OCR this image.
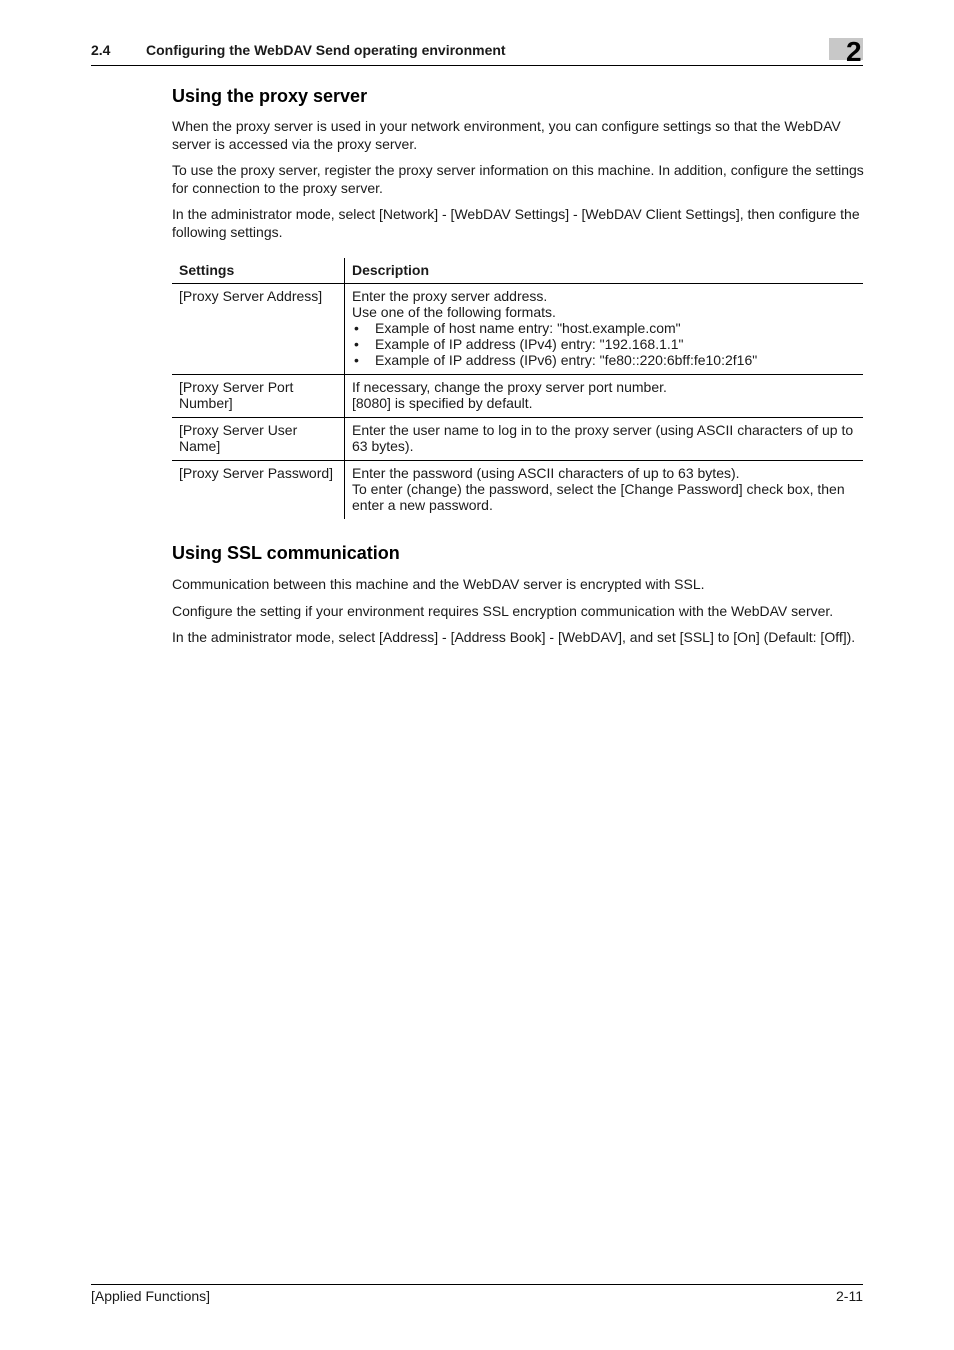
2.4	Configuring the WebDAV Send operating environment	2
Using the proxy server

When the proxy server is used in your network environment, you can configure settings so that the WebDAV server is accessed via the proxy server.

To use the proxy server, register the proxy server information on this machine. In addition, configure the settings for connection to the proxy server.

In the administrator mode, select [Network] - [WebDAV Settings] - [WebDAV Client Settings], then configure the following settings.

Settings	Description
[Proxy Server Address]	Enter the proxy server address.
Use one of the following formats.
• Example of host name entry: "host.example.com"
• Example of IP address (IPv4) entry: "192.168.1.1"
• Example of IP address (IPv6) entry: "fe80::220:6bff:fe10:2f16"

[Proxy Server Port Number]	If necessary, change the proxy server port number.
[8080] is specified by default.

[Proxy Server User Name]	Enter the user name to log in to the proxy server (using ASCII characters of up to 63 bytes).

[Proxy Server Password]	Enter the password (using ASCII characters of up to 63 bytes).
To enter (change) the password, select the [Change Password] check box, then enter a new password.
Using SSL communication

Communication between this machine and the WebDAV server is encrypted with SSL.

Configure the setting if your environment requires SSL encryption communication with the WebDAV server.

In the administrator mode, select [Address] - [Address Book] - [WebDAV], and set [SSL] to [On] (Default: [Off]).

[Applied Functions]	2-11
